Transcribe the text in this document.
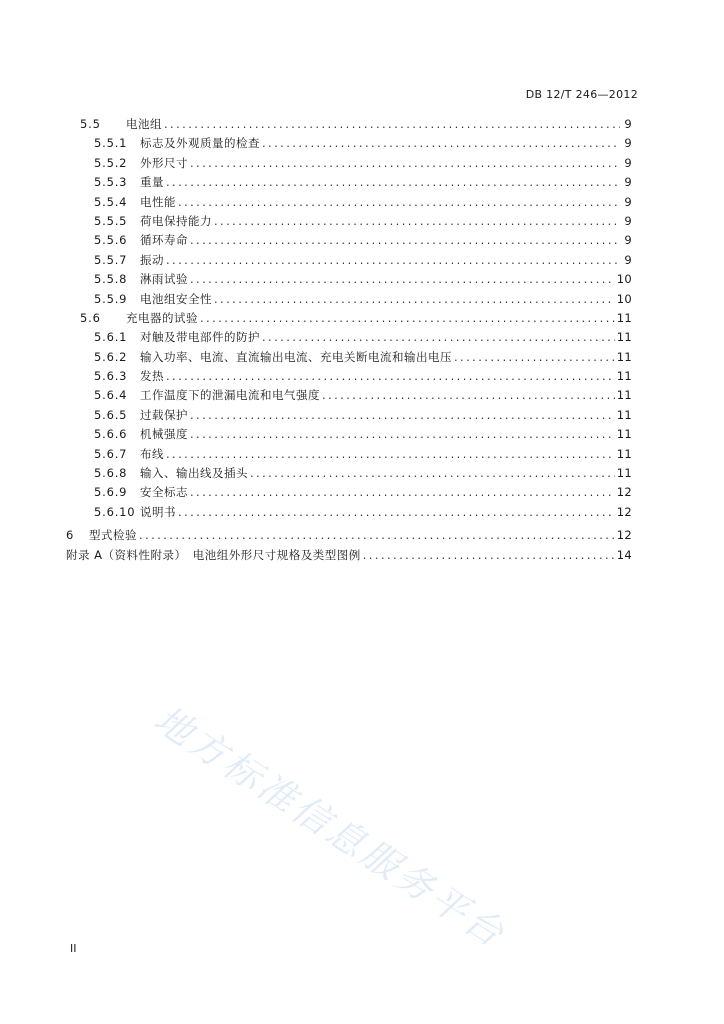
DB 12/T 246—2012
5.5	电池组 .....	9
5.5.1	标志及外观质量的检查 .....	9
5.5.2	外形尺寸 .....	9
5.5.3	重量 .....	9
5.5.4	电性能 .....	9
5.5.5	荷电保持能力 .....	9
5.5.6	循环寿命 .....	9
5.5.7	振动 .....	9
5.5.8	淋雨试验 .....	10
5.5.9	电池组安全性 .....	10
5.6	充电器的试验 .....	11
5.6.1	对触及带电部件的防护 .....	11
5.6.2	输入功率、电流、直流输出电流、充电关断电流和输出电压 .....	11
5.6.3	发热 .....	11
5.6.4	工作温度下的泄漏电流和电气强度 .....	11
5.6.5	过载保护 .....	11
5.6.6	机械强度 .....	11
5.6.7	布线 .....	11
5.6.8	输入、输出线及插头 .....	11
5.6.9	安全标志 .....	12
5.6.10 说明书 .....	12
6	型式检验 .....	12
附录 A（资料性附录）　电池组外形尺寸规格及类型图例 .....	14
II 地方标准信息服务平台
